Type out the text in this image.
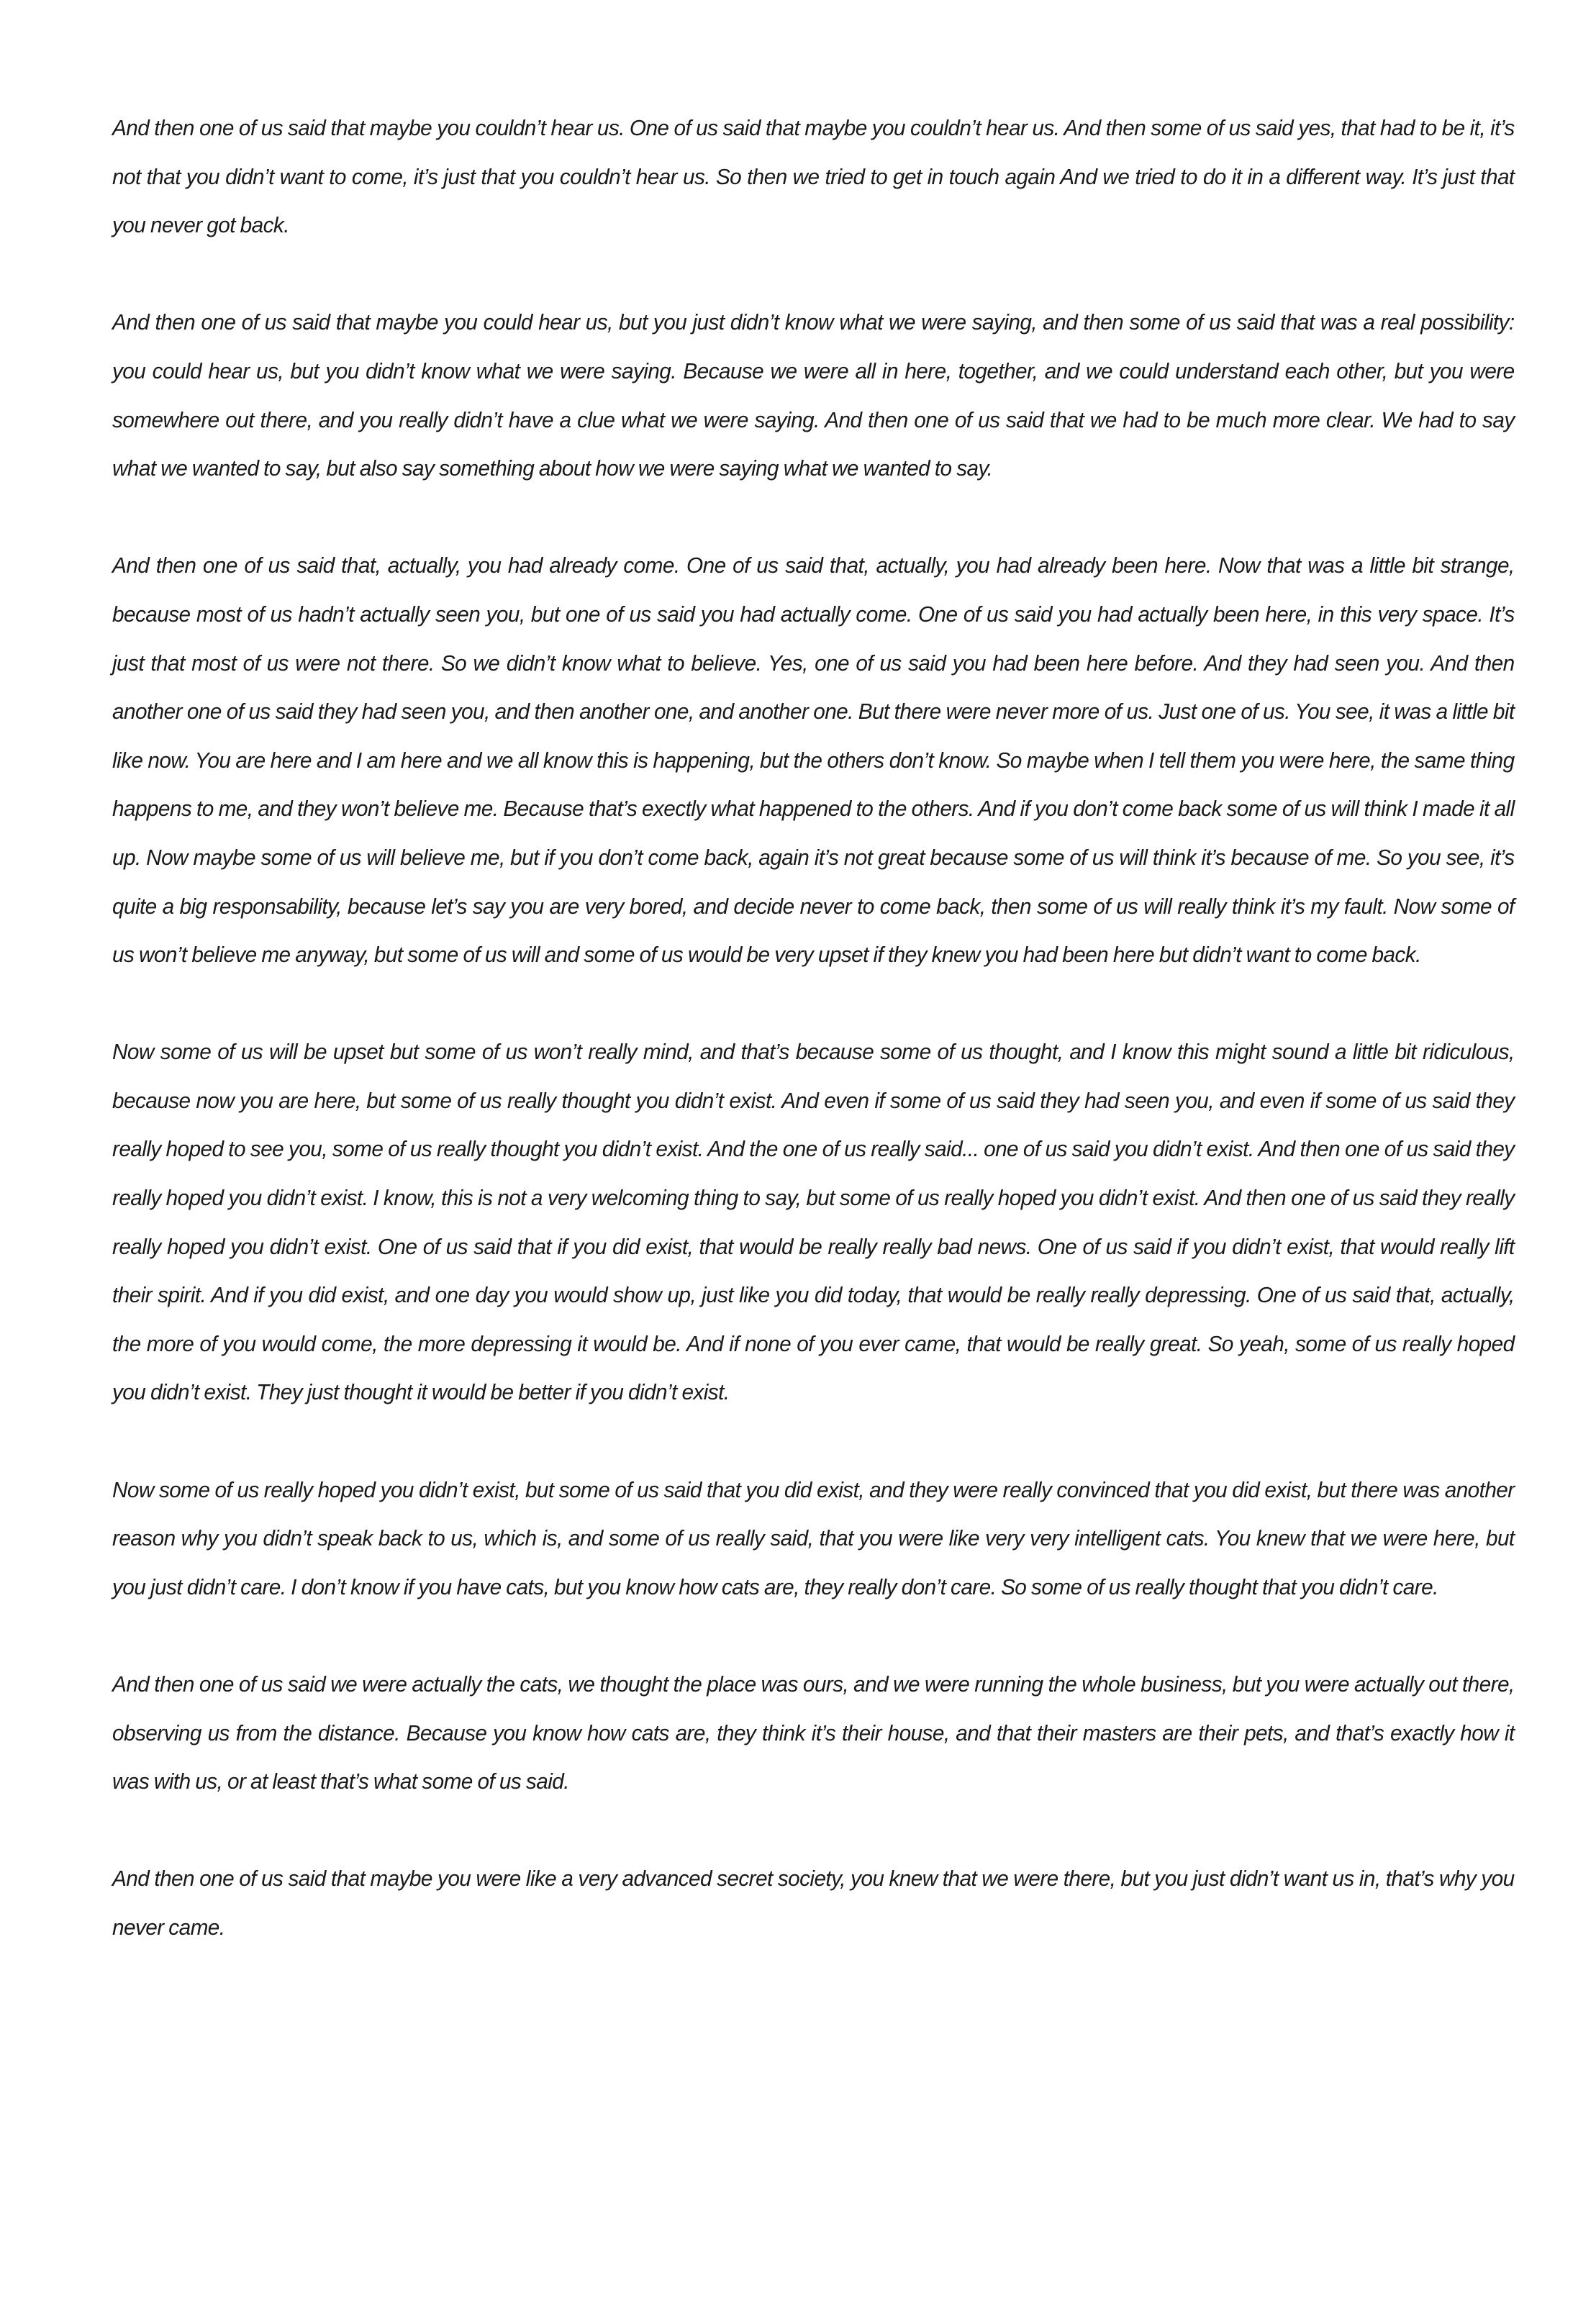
And then one of us said that maybe you couldn’t hear us. One of us said that maybe you couldn’t hear us. And then some of us said yes, that had to be it, it’s not that you didn’t want to come, it’s just that you couldn’t hear us. So then we tried to get in touch again And we tried to do it in a different way. It’s just that you never got back.

And then one of us said that maybe you could hear us, but you just didn’t know what we were saying, and then some of us said that was a real possibility: you could hear us, but you didn’t know what we were saying. Because we were all in here, together, and we could understand each other, but you were somewhere out there, and you really didn’t have a clue what we were saying. And then one of us said that we had to be much more clear. We had to say what we wanted to say, but also say something about how we were saying what we wanted to say.

And then one of us said that, actually, you had already come. One of us said that, actually, you had already been here. Now that was a little bit strange, because most of us hadn’t actually seen you, but one of us said you had actually come. One of us said you had actually been here, in this very space. It’s just that most of us were not there. So we didn’t know what to believe. Yes, one of us said you had been here before. And they had seen you. And then another one of us said they had seen you, and then another one, and another one. But there were never more of us. Just one of us. You see, it was a little bit like now. You are here and I am here and we all know this is happening, but the others don’t know. So maybe when I tell them you were here, the same thing happens to me, and they won’t believe me. Because that’s exectly what happened to the others. And if you don’t come back some of us will think I made it all up. Now maybe some of us will believe me, but if you don’t come back, again it’s not great because some of us will think it’s because of me. So you see, it’s quite a big responsability, because let’s say you are very bored, and decide never to come back, then some of us will really think it’s my fault. Now some of us won’t believe me anyway, but some of us will and some of us would be very upset if they knew you had been here but didn’t want to come back.

Now some of us will be upset but some of us won’t really mind, and that’s because some of us thought, and I know this might sound a little bit ridiculous, because now you are here, but some of us really thought you didn’t exist. And even if some of us said they had seen you, and even if some of us said they really hoped to see you, some of us really thought you didn’t exist. And the one of us really said... one of us said you didn’t exist. And then one of us said they really hoped you didn’t exist. I know, this is not a very welcoming thing to say, but some of us really hoped you didn’t exist. And then one of us said they really really hoped you didn’t exist. One of us said that if you did exist, that would be really really bad news. One of us said if you didn’t exist, that would really lift their spirit. And if you did exist, and one day you would show up, just like you did today, that would be really really depressing. One of us said that, actually, the more of you would come, the more depressing it would be. And if none of you ever came, that would be really great. So yeah, some of us really hoped you didn’t exist. They just thought it would be better if you didn’t exist.

Now some of us really hoped you didn’t exist, but some of us said that you did exist, and they were really convinced that you did exist, but there was another reason why you didn’t speak back to us, which is, and some of us really said, that you were like very very intelligent cats. You knew that we were here, but you just didn’t care. I don’t know if you have cats, but you know how cats are, they really don’t care. So some of us really thought that you didn’t care.

And then one of us said we were actually the cats, we thought the place was ours, and we were running the whole business, but you were actually out there, observing us from the distance. Because you know how cats are, they think it’s their house, and that their masters are their pets, and that’s exactly how it was with us, or at least that’s what some of us said.

And then one of us said that maybe you were like a very advanced secret society, you knew that we were there, but you just didn’t want us in, that’s why you never came.
